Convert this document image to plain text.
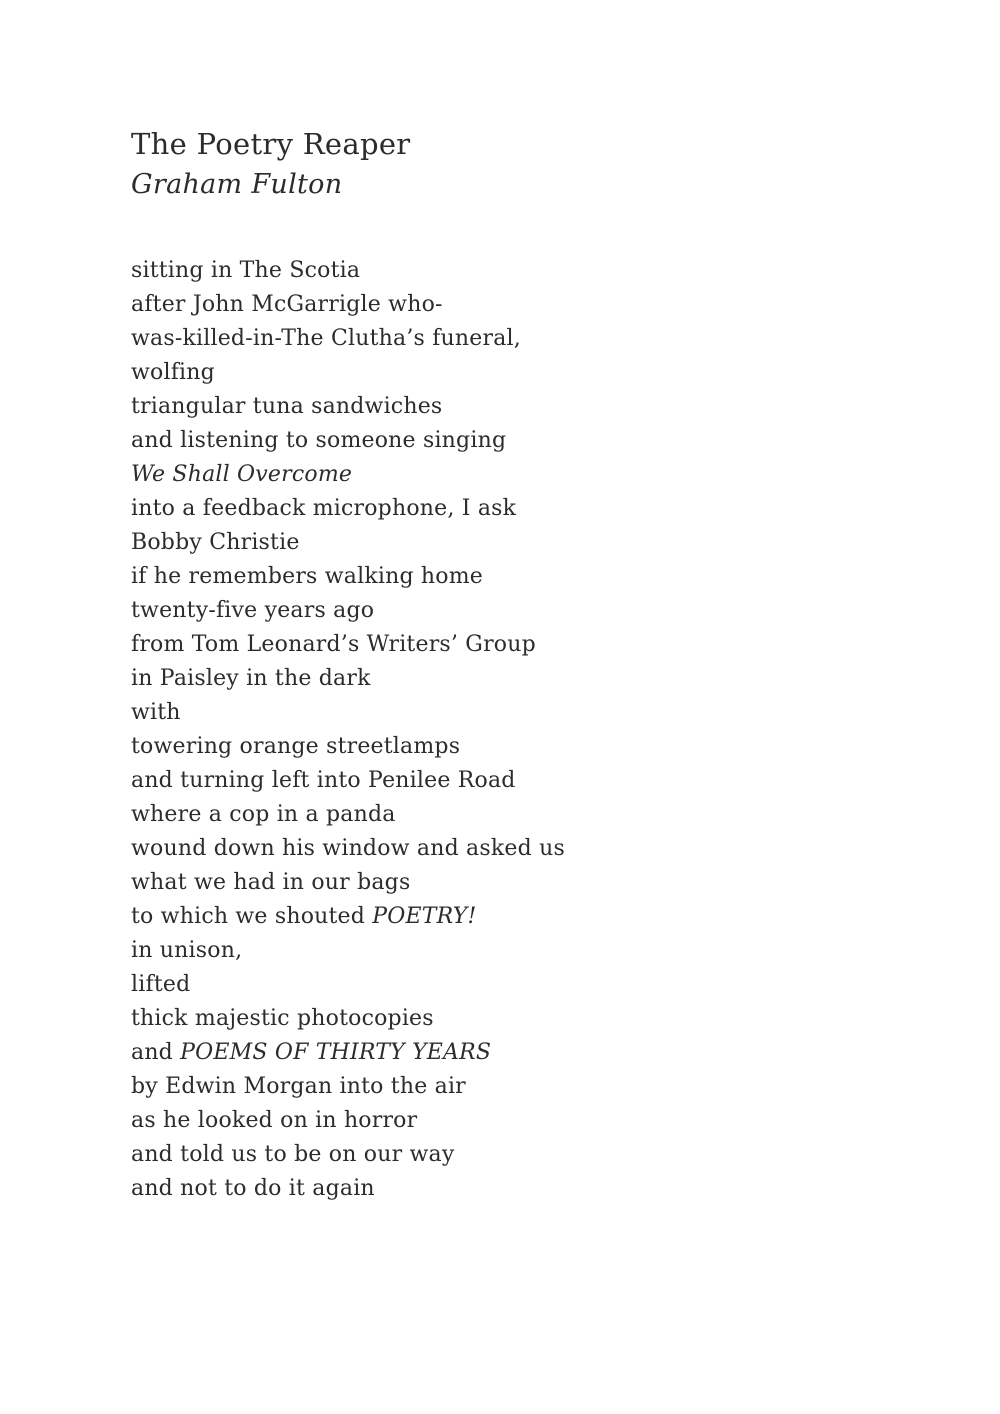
The Poetry Reaper
Graham Fulton
sitting in The Scotia
after John McGarrigle who-
was-killed-in-The Clutha’s funeral,
wolfing
triangular tuna sandwiches
and listening to someone singing
We Shall Overcome
into a feedback microphone, I ask
Bobby Christie
if he remembers walking home
twenty-five years ago
from Tom Leonard’s Writers’ Group
in Paisley in the dark
with
towering orange streetlamps
and turning left into Penilee Road
where a cop in a panda
wound down his window and asked us
what we had in our bags
to which we shouted POETRY!
in unison,
lifted
thick majestic photocopies
and POEMS OF THIRTY YEARS
by Edwin Morgan into the air
as he looked on in horror
and told us to be on our way
and not to do it again
